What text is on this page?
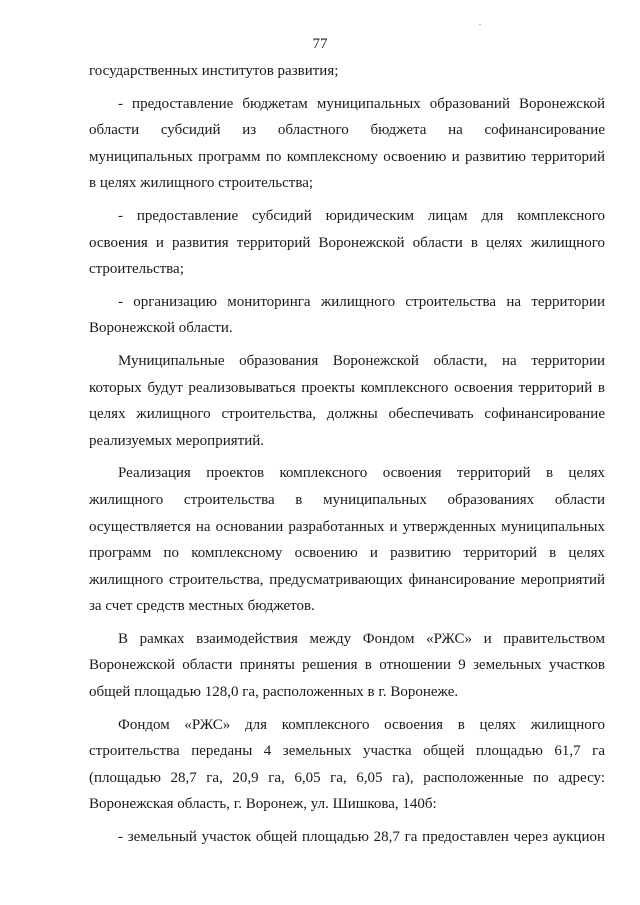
77
государственных институтов развития;
- предоставление бюджетам муниципальных образований Воронежской
области субсидий из областного бюджета на софинансирование
муниципальных программ по комплексному освоению и развитию территорий
в целях жилищного строительства;
- предоставление субсидий юридическим лицам для комплексного
освоения и развития территорий Воронежской области в целях жилищного
строительства;
- организацию мониторинга жилищного строительства на территории
Воронежской области.
Муниципальные образования Воронежской области, на территории
которых будут реализовываться проекты комплексного освоения территорий в
целях жилищного строительства, должны обеспечивать софинансирование
реализуемых мероприятий.
Реализация проектов комплексного освоения территорий в целях
жилищного строительства в муниципальных образованиях области
осуществляется на основании разработанных и утвержденных муниципальных
программ по комплексному освоению и развитию территорий в целях
жилищного строительства, предусматривающих финансирование мероприятий
за счет средств местных бюджетов.
В рамках взаимодействия между Фондом «РЖС» и правительством
Воронежской области приняты решения в отношении 9 земельных участков
общей площадью 128,0 га, расположенных в г. Воронеже.
Фондом «РЖС» для комплексного освоения в целях жилищного
строительства переданы 4 земельных участка общей площадью 61,7 га
(площадью 28,7 га, 20,9 га, 6,05 га, 6,05 га), расположенные по адресу:
Воронежская область, г. Воронеж, ул. Шишкова, 140б:
- земельный участок общей площадью 28,7 га предоставлен через аукцион
